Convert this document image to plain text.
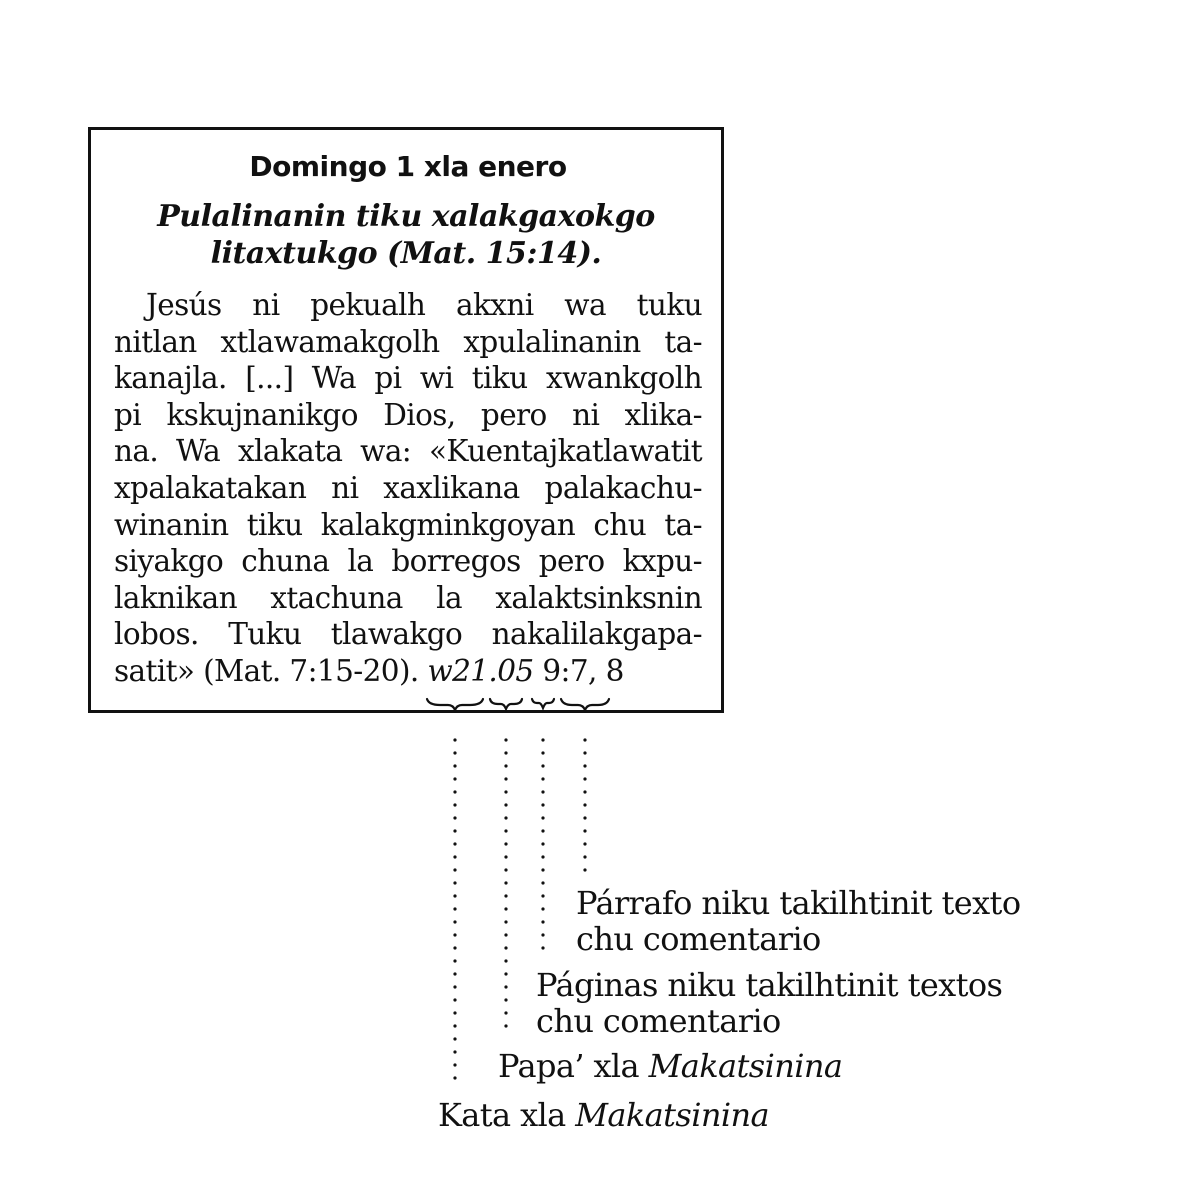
Domingo 1 xla enero
Pulalinanin tiku xalakgaxokgo
litaxtukgo (Mat. 15:14).
Jesús ni pekualh akxni wa tuku
nitlan xtlawamakgolh xpulalinanin ta-
kanajla. [...] Wa pi wi tiku xwankgolh
pi kskujnanikgo Dios, pero ni xlika-
na. Wa xlakata wa: «Kuentajkatlawatit
xpalakatakan ni xaxlikana palakachu-
winanin tiku kalakgminkgoyan chu ta-
siyakgo chuna la borregos pero kxpu-
laknikan xtachuna la xalaktsinksnin
lobos. Tuku tlawakgo nakalilakgapa-
satit» (Mat. 7:15-20). w21.05 9:7, 8
Párrafo niku takilhtinit texto
chu comentario
Páginas niku takilhtinit textos
chu comentario
Papa’ xla Makatsinina
Kata xla Makatsinina
